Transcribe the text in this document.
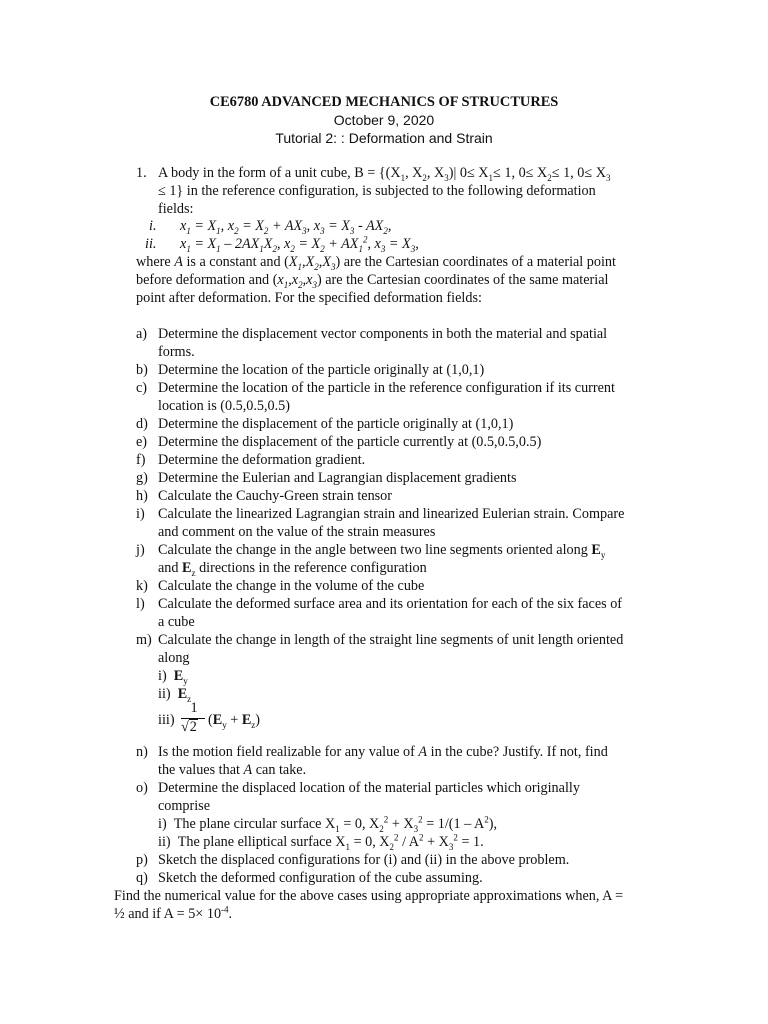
CE6780 ADVANCED MECHANICS OF STRUCTURES
October 9, 2020
Tutorial 2: : Deformation and Strain
1. A body in the form of a unit cube, $B = \{(X_1$, $X_2$, $X_3)|$ $0\le X_1\le 1$, $0\le X_2\le 1$, $0\le X_3$
≤ 1} in the reference configuration, is subjected to the following deformation
fields:
i. $x_1 = X_1$, $x_2 = X_2 + AX_3$, $x_3 = X_3 - AX_2$,
ii. $x_1 = X_1 - 2AX_1X_2$, $x_2 = X_2 + AX_1^2$, $x_3 = X_3$,
where A is a constant and $(X_1,X_2,X_3)$ are the Cartesian coordinates of a material point
before deformation and $(x_1,x_2,x_3)$ are the Cartesian coordinates of the same material
point after deformation. For the specified deformation fields:
a) Determine the displacement vector components in both the material and spatial
forms.
b) Determine the location of the particle originally at (1,0,1)
c) Determine the location of the particle in the reference configuration if its current
location is (0.5,0.5,0.5)
d) Determine the displacement of the particle originally at (1,0,1)
e) Determine the displacement of the particle currently at (0.5,0.5,0.5)
f) Determine the deformation gradient.
g) Determine the Eulerian and Lagrangian displacement gradients
h) Calculate the Cauchy-Green strain tensor
i) Calculate the linearized Lagrangian strain and linearized Eulerian strain. Compare
and comment on the value of the strain measures
j) Calculate the change in the angle between two line segments oriented along $E_y$
and $E_z$ directions in the reference configuration
k) Calculate the change in the volume of the cube
l) Calculate the deformed surface area and its orientation for each of the six faces of
a cube
m) Calculate the change in length of the straight line segments of unit length oriented
along
i) $E_y$
ii) $E_z$
iii)
1
√2 $(E_y + E_z)$
n) Is the motion field realizable for any value of A in the cube? Justify. If not, find
the values that A can take.
o) Determine the displaced location of the material particles which originally
comprise
i) The plane circular surface $X_1 = 0$, $X_2^2 + X_3^2 = 1/(1 - A^2)$,
ii) The plane elliptical surface $X_1 = 0$, $X_2^2 / A^2 + X_3^2 = 1$.
p) Sketch the displaced configurations for (i) and (ii) in the above problem.
q) Sketch the deformed configuration of the cube assuming.
Find the numerical value for the above cases using appropriate approximations when, A =
½ and if $A = 5\times 10^{-4}$.
